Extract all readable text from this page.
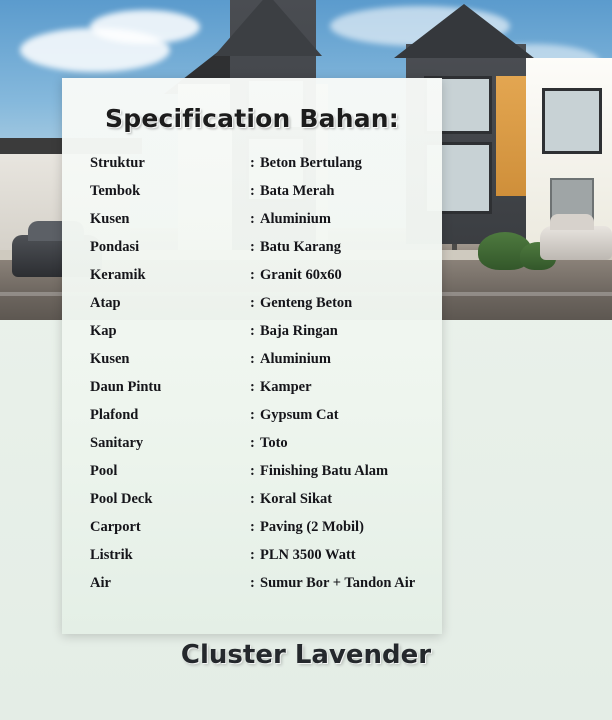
Specification Bahan:
Struktur	: Beton Bertulang
Tembok	: Bata Merah
Kusen	: Aluminium
Pondasi	: Batu Karang
Keramik	: Granit 60x60
Atap	: Genteng Beton
Kap	: Baja Ringan
Kusen	: Aluminium
Daun Pintu	: Kamper
Plafond	: Gypsum Cat
Sanitary	: Toto
Pool	: Finishing Batu Alam
Pool Deck	: Koral Sikat
Carport	: Paving (2 Mobil)
Listrik	: PLN 3500 Watt
Air	: Sumur Bor + Tandon Air
Cluster Lavender
